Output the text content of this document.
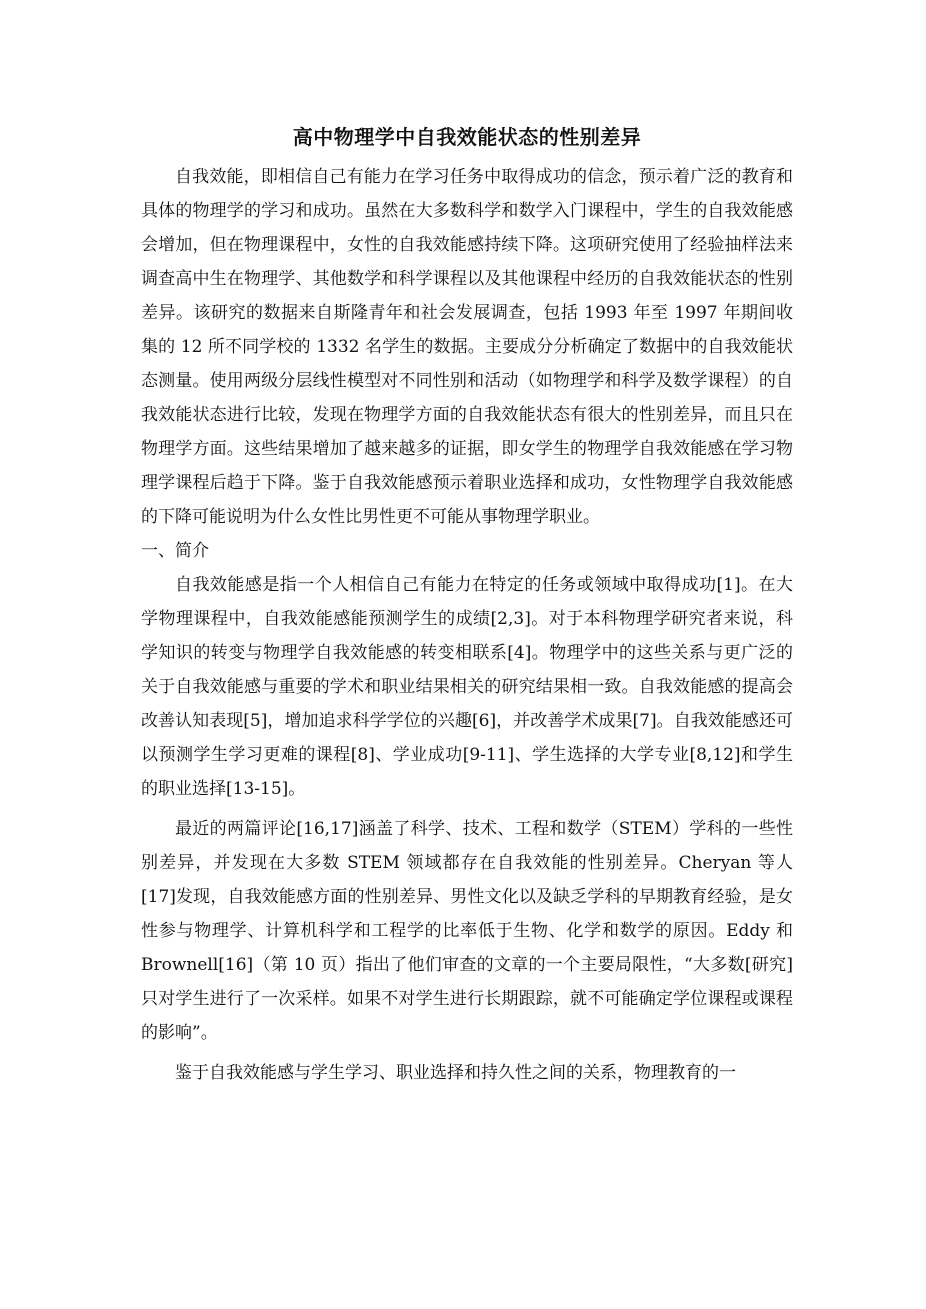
高中物理学中自我效能状态的性别差异

自我效能，即相信自己有能力在学习任务中取得成功的信念，预示着广泛的教育和具体的物理学的学习和成功。虽然在大多数科学和数学入门课程中，学生的自我效能感会增加，但在物理课程中，女性的自我效能感持续下降。这项研究使用了经验抽样法来调查高中生在物理学、其他数学和科学课程以及其他课程中经历的自我效能状态的性别差异。该研究的数据来自斯隆青年和社会发展调查，包括 1993 年至 1997 年期间收集的 12 所不同学校的 1332 名学生的数据。主要成分分析确定了数据中的自我效能状态测量。使用两级分层线性模型对不同性别和活动（如物理学和科学及数学课程）的自我效能状态进行比较，发现在物理学方面的自我效能状态有很大的性别差异，而且只在物理学方面。这些结果增加了越来越多的证据，即女学生的物理学自我效能感在学习物理学课程后趋于下降。鉴于自我效能感预示着职业选择和成功，女性物理学自我效能感的下降可能说明为什么女性比男性更不可能从事物理学职业。

一、简介

自我效能感是指一个人相信自己有能力在特定的任务或领域中取得成功[1]。在大学物理课程中，自我效能感能预测学生的成绩[2,3]。对于本科物理学研究者来说，科学知识的转变与物理学自我效能感的转变相联系[4]。物理学中的这些关系与更广泛的关于自我效能感与重要的学术和职业结果相关的研究结果相一致。自我效能感的提高会改善认知表现[5]，增加追求科学学位的兴趣[6]，并改善学术成果[7]。自我效能感还可以预测学生学习更难的课程[8]、学业成功[9-11]、学生选择的大学专业[8,12]和学生的职业选择[13-15]。

最近的两篇评论[16,17]涵盖了科学、技术、工程和数学（STEM）学科的一些性别差异，并发现在大多数 STEM 领域都存在自我效能的性别差异。Cheryan 等人[17]发现，自我效能感方面的性别差异、男性文化以及缺乏学科的早期教育经验，是女性参与物理学、计算机科学和工程学的比率低于生物、化学和数学的原因。Eddy 和 Brownell[16]（第 10 页）指出了他们审查的文章的一个主要局限性，“大多数[研究]只对学生进行了一次采样。如果不对学生进行长期跟踪，就不可能确定学位课程或课程的影响”。

鉴于自我效能感与学生学习、职业选择和持久性之间的关系，物理教育的一
